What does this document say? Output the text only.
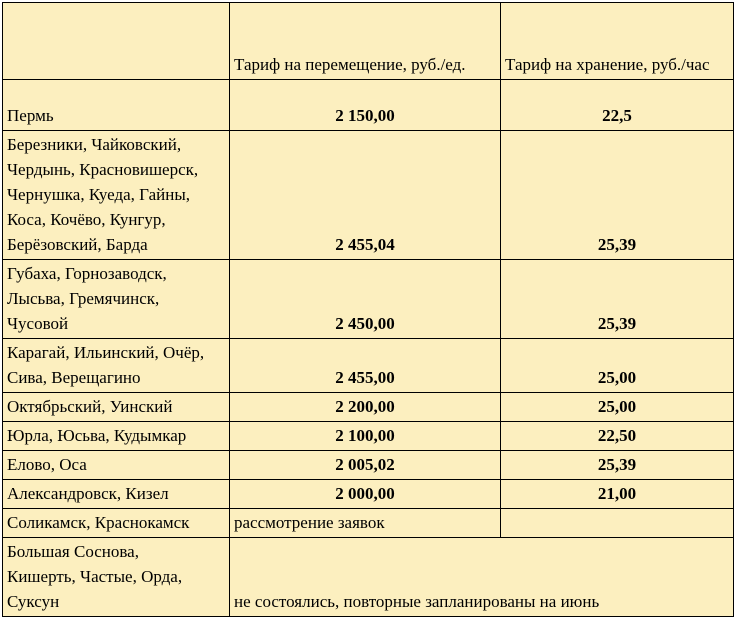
	Тариф на перемещение, руб./ед.	Тариф на хранение, руб./час

Пермь	2 150,00	22,5

Березники, Чайковский,
Чердынь, Красновишерск,
Чернушка, Куеда, Гайны,
Коса, Кочёво, Кунгур,
Берёзовский, Барда	2 455,04	25,39

Губаха, Горнозаводск,
Лысьва, Гремячинск,
Чусовой	2 450,00	25,39

Карагай, Ильинский, Очёр,
Сива, Верещагино	2 455,00	25,00

Октябрьский, Уинский	2 200,00	25,00

Юрла, Юсьва, Кудымкар	2 100,00	22,50

Елово, Оса	2 005,02	25,39

Александровск, Кизел	2 000,00	21,00

Соликамск, Краснокамск	рассмотрение заявок	

Большая Соснова,
Кишерть, Частые, Орда,
Суксун	не состоялись, повторные запланированы на июнь	
